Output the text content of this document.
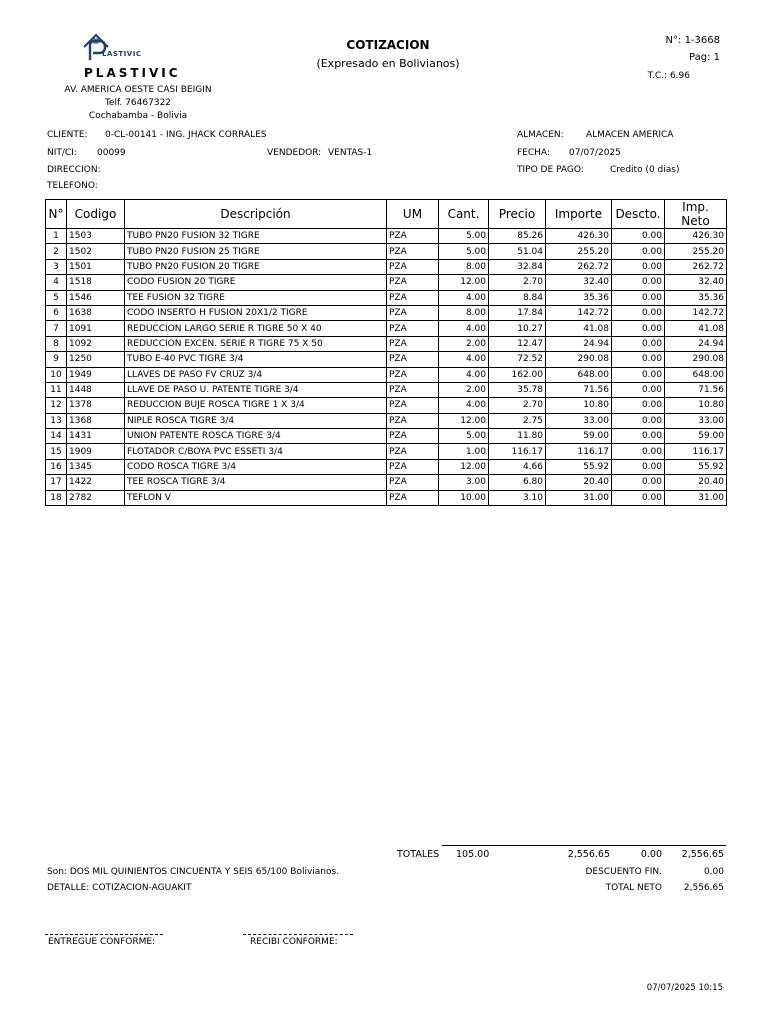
LASTIVIC
PLASTIVIC
AV. AMERICA OESTE CASI BEIGIN
Telf. 76467322
Cochabamba - Bolivia
COTIZACION
(Expresado en Bolivianos)
N°: 1-3668
Pag: 1
T.C.: 6.96
CLIENTE: 0-CL-00141 - ING. JHACK CORRALES
NIT/CI: 00099	VENDEDOR: VENTAS-1
DIRECCION:
TELEFONO:
ALMACEN: ALMACEN AMERICA
FECHA: 07/07/2025
TIPO DE PAGO:	Credito (0 dias)
N°	Codigo	Descripción	UM	Cant.	Precio	Importe	Descto.	Imp. Neto
1	1503	TUBO PN20 FUSION 32 TIGRE	PZA	5.00	85.26	426.30	0.00	426.30
2	1502	TUBO PN20 FUSION 25 TIGRE	PZA	5.00	51.04	255.20	0.00	255.20
3	1501	TUBO PN20 FUSION 20 TIGRE	PZA	8.00	32.84	262.72	0.00	262.72
4	1518	CODO FUSION 20 TIGRE	PZA	12.00	2.70	32.40	0.00	32.40
5	1546	TEE FUSION 32 TIGRE	PZA	4.00	8.84	35.36	0.00	35.36
6	1638	CODO INSERTO H FUSION 20X1/2 TIGRE	PZA	8.00	17.84	142.72	0.00	142.72
7	1091	REDUCCION LARGO SERIE R TIGRE 50 X 40	PZA	4.00	10.27	41.08	0.00	41.08
8	1092	REDUCCION EXCEN. SERIE R TIGRE 75 X 50	PZA	2.00	12.47	24.94	0.00	24.94
9	1250	TUBO E-40 PVC TIGRE 3/4	PZA	4.00	72.52	290.08	0.00	290.08
10	1949	LLAVES DE PASO FV CRUZ 3/4	PZA	4.00	162.00	648.00	0.00	648.00
11	1448	LLAVE DE PASO U. PATENTE TIGRE 3/4	PZA	2.00	35.78	71.56	0.00	71.56
12	1378	REDUCCION BUJE ROSCA TIGRE 1 X 3/4	PZA	4.00	2.70	10.80	0.00	10.80
13	1368	NIPLE ROSCA TIGRE 3/4	PZA	12.00	2.75	33.00	0.00	33.00
14	1431	UNION PATENTE ROSCA TIGRE 3/4	PZA	5.00	11.80	59.00	0.00	59.00
15	1909	FLOTADOR C/BOYA PVC ESSETI 3/4	PZA	1.00	116.17	116.17	0.00	116.17
16	1345	CODO ROSCA TIGRE 3/4	PZA	12.00	4.66	55.92	0.00	55.92
17	1422	TEE ROSCA TIGRE 3/4	PZA	3.00	6.80	20.40	0.00	20.40
18	2782	TEFLON V	PZA	10.00	3.10	31.00	0.00	31.00
TOTALES 105.00	2,556.65	0.00	2,556.65
Son: DOS MIL QUINIENTOS CINCUENTA Y SEIS 65/100 Bolivianos.	DESCUENTO FIN.	0.00
DETALLE: COTIZACION-AGUAKIT	TOTAL NETO	2,556.65
ENTREGUE CONFORME:	RECIBI CONFORME:
07/07/2025 10:15
